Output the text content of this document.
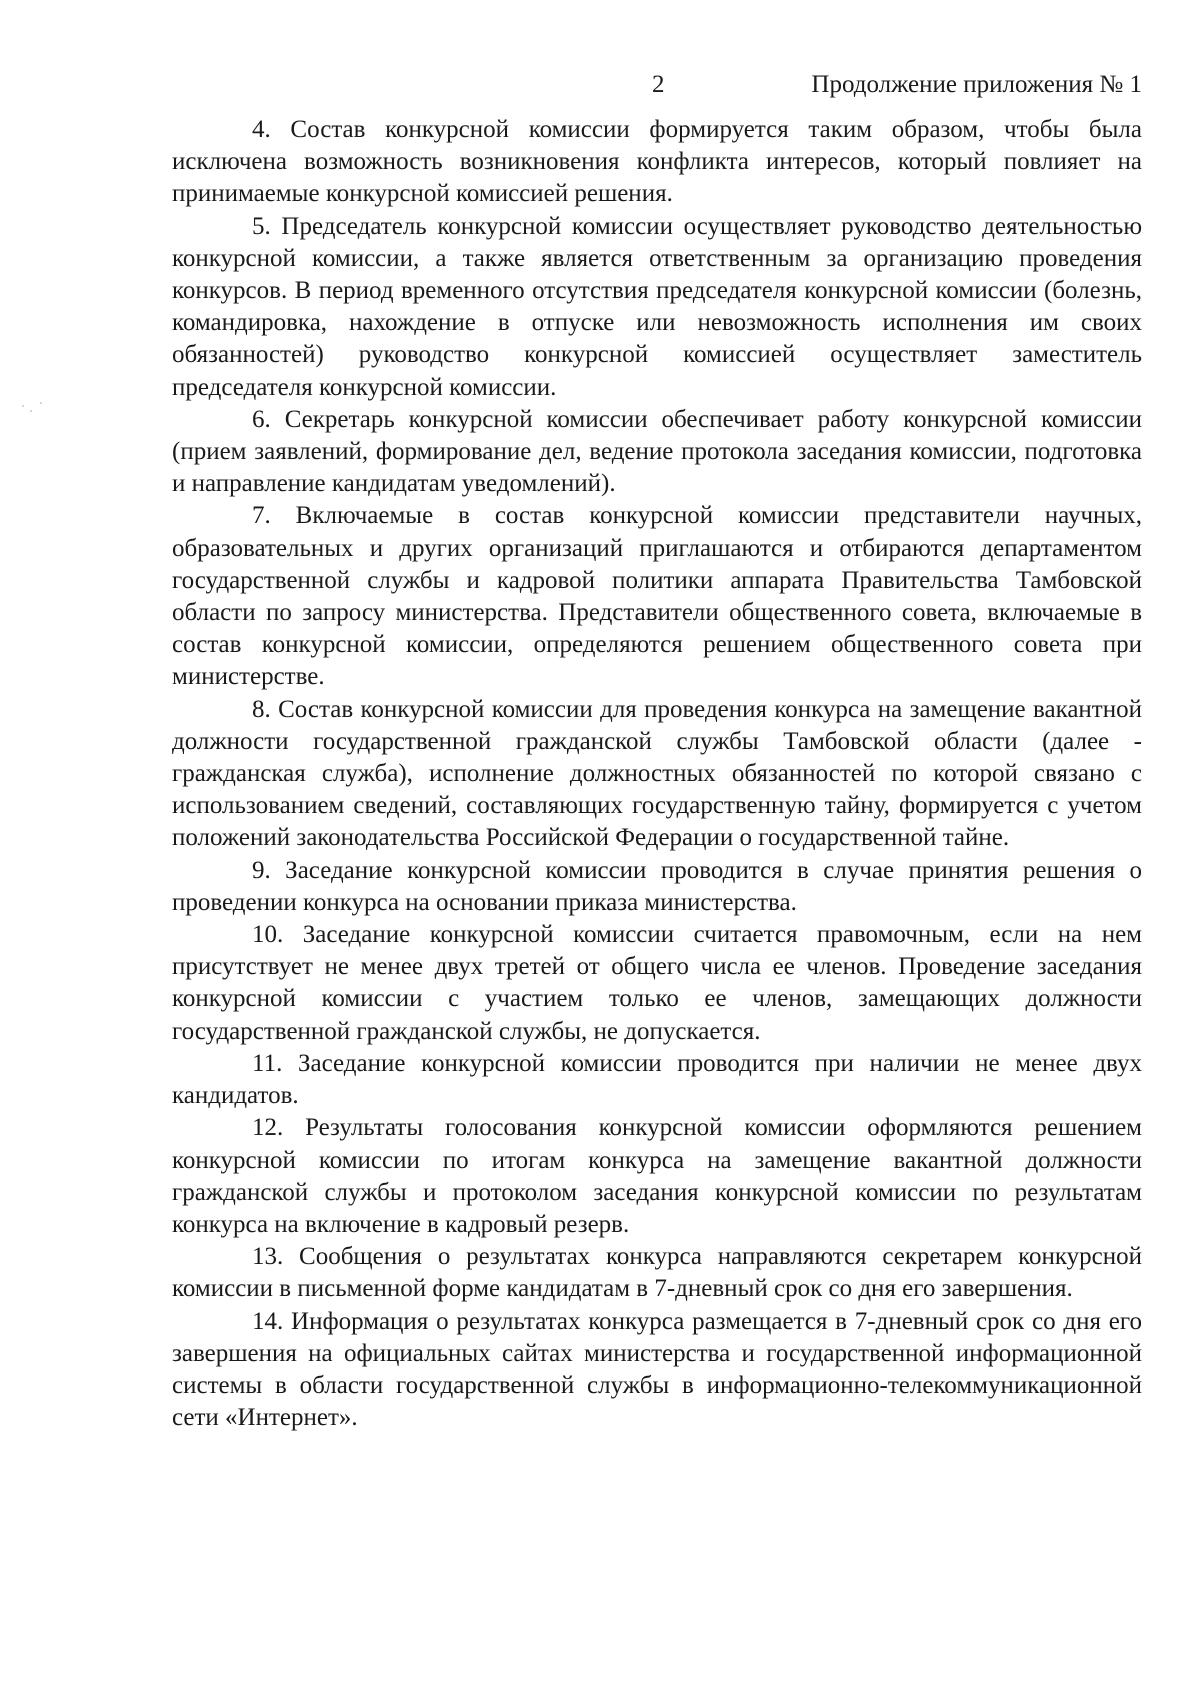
2	Продолжение приложения № 1

4. Состав конкурсной комиссии формируется таким образом, чтобы была исключена возможность возникновения конфликта интересов, который повлияет на принимаемые конкурсной комиссией решения.

5. Председатель конкурсной комиссии осуществляет руководство деятельностью конкурсной комиссии, а также является ответственным за организацию проведения конкурсов. В период временного отсутствия председателя конкурсной комиссии (болезнь, командировка, нахождение в отпуске или невозможность исполнения им своих обязанностей) руководство конкурсной комиссией осуществляет заместитель председателя конкурсной комиссии.

6. Секретарь конкурсной комиссии обеспечивает работу конкурсной комиссии (прием заявлений, формирование дел, ведение протокола заседания комиссии, подготовка и направление кандидатам уведомлений).

7. Включаемые в состав конкурсной комиссии представители научных, образовательных и других организаций приглашаются и отбираются департаментом государственной службы и кадровой политики аппарата Правительства Тамбовской области по запросу министерства. Представители общественного совета, включаемые в состав конкурсной комиссии, определяются решением общественного совета при министерстве.

8. Состав конкурсной комиссии для проведения конкурса на замещение вакантной должности государственной гражданской службы Тамбовской области (далее - гражданская служба), исполнение должностных обязанностей по которой связано с использованием сведений, составляющих государственную тайну, формируется с учетом положений законодательства Российской Федерации о государственной тайне.

9. Заседание конкурсной комиссии проводится в случае принятия решения о проведении конкурса на основании приказа министерства.

10. Заседание конкурсной комиссии считается правомочным, если на нем присутствует не менее двух третей от общего числа ее членов. Проведение заседания конкурсной комиссии с участием только ее членов, замещающих должности государственной гражданской службы, не допускается.

11. Заседание конкурсной комиссии проводится при наличии не менее двух кандидатов.

12. Результаты голосования конкурсной комиссии оформляются решением конкурсной комиссии по итогам конкурса на замещение вакантной должности гражданской службы и протоколом заседания конкурсной комиссии по результатам конкурса на включение в кадровый резерв.

13. Сообщения о результатах конкурса направляются секретарем конкурсной комиссии в письменной форме кандидатам в 7-дневный срок со дня его завершения.

14. Информация о результатах конкурса размещается в 7-дневный срок со дня его завершения на официальных сайтах министерства и государственной информационной системы в области государственной службы в информационно-телекоммуникационной сети «Интернет».
